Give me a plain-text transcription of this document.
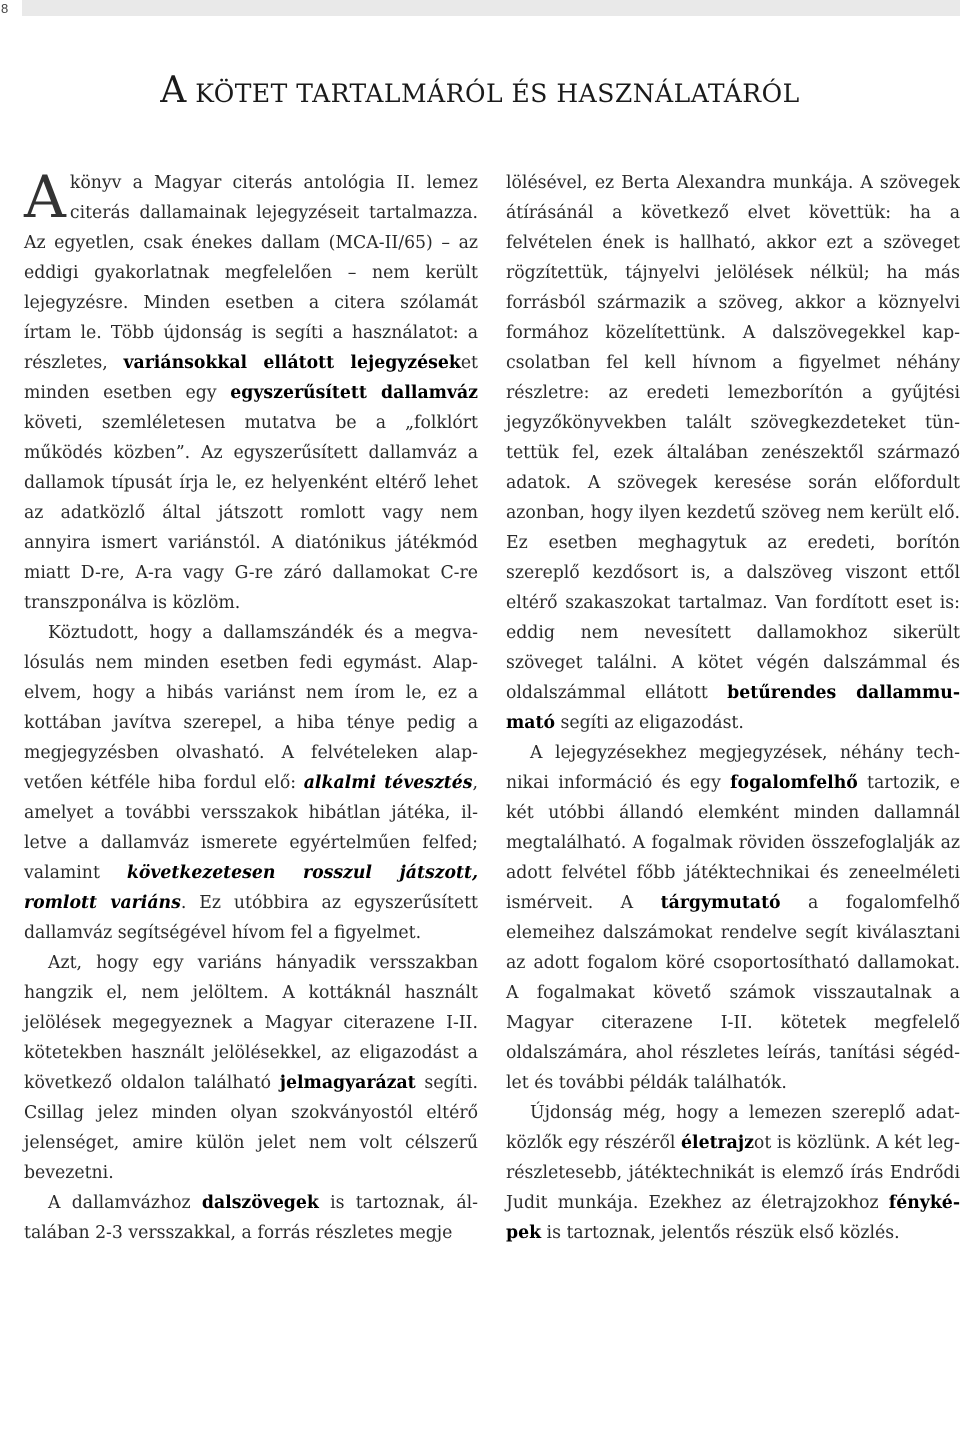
8
A KÖTET TARTALMÁRÓL ÉS HASZNÁLATÁRÓL

Akönyv a Magyar citerás antológia II. lemez citerás dallamainak lejegyzéseit tartalmazza. Az egyetlen, csak énekes dallam (MCA-II/65) – az eddigi gyakorlatnak megfelelően – nem került lejegyzésre. Minden esetben a citera szólamát írtam le. Több újdonság is segíti a használatot: a részletes, variánsokkal ellátott lejegyzéseket minden esetben egy egyszerűsített dallamváz követi, szemléletesen mutatva be a „folklórt működés közben”. Az egyszerűsített dallamváz a dallamok típusát írja le, ez helyenként eltérő lehet az adatközlő által játszott romlott vagy nem annyira ismert variánstól. A diatónikus játékmód miatt D-re, A-ra vagy G-re záró dallamokat C-re transzponálva is közlöm.

Köztudott, hogy a dallamszándék és a megvalósulás nem minden esetben fedi egymást. Alapelvem, hogy a hibás variánst nem írom le, ez a kottában javítva szerepel, a hiba ténye pedig a megjegyzésben olvasható. A felvételeken alapvetően kétféle hiba fordul elő: alkalmi tévesztés, amelyet a további versszakok hibátlan játéka, illetve a dallamváz ismerete egyértelműen felfed; valamint következetesen rosszul játszott, romlott variáns. Ez utóbbira az egyszerűsített dallamváz segítségével hívom fel a figyelmet.

Azt, hogy egy variáns hányadik versszakban hangzik el, nem jelöltem. A kottáknál használt jelölések megegyeznek a Magyar citerazene I-II. kötetekben használt jelölésekkel, az eligazodást a következő oldalon található jelmagyarázat segíti. Csillag jelez minden olyan szokványostól eltérő jelenséget, amire külön jelet nem volt célszerű bevezetni.

A dallamvázhoz dalszövegek is tartoznak, általában 2-3 versszakkal, a forrás részletes megje

lölésével, ez Berta Alexandra munkája. A szövegek átírásánál a következő elvet követtük: ha a felvételen ének is hallható, akkor ezt a szöveget rögzítettük, tájnyelvi jelölések nélkül; ha más forrásból származik a szöveg, akkor a köznyelvi formához közelítettünk. A dalszövegekkel kapcsolatban fel kell hívnom a figyelmet néhány részletre: az eredeti lemezborítón a gyűjtési jegyzőkönyvekben talált szövegkezdeteket tüntettük fel, ezek általában zenészektől származó adatok. A szövegek keresése során előfordult azonban, hogy ilyen kezdetű szöveg nem került elő. Ez esetben meghagytuk az eredeti, borítón szereplő kezdősort is, a dalszöveg viszont ettől eltérő szakaszokat tartalmaz. Van fordított eset is: eddig nem nevesített dallamokhoz sikerült szöveget találni. A kötet végén dalszámmal és oldalszámmal ellátott betűrendes dallammumató segíti az eligazodást.

A lejegyzésekhez megjegyzések, néhány technikai információ és egy fogalomfelhő tartozik, e két utóbbi állandó elemként minden dallamnál megtalálható. A fogalmak röviden összefoglalják az adott felvétel főbb játéktechnikai és zeneelméleti ismérveit. A tárgymutató a fogalomfelhő elemeihez dalszámokat rendelve segít kiválasztani az adott fogalom köré csoportosítható dallamokat. A fogalmakat követő számok visszautalnak a Magyar citerazene I-II. kötetek megfelelő oldalszámára, ahol részletes leírás, tanítási ségédlet és további példák találhatók.

Újdonság még, hogy a lemezen szereplő adatközlők egy részéről életrajzot is közlünk. A két legrészletesebb, játéktechnikát is elemző írás Endrődi Judit munkája. Ezekhez az életrajzokhoz fényképek is tartoznak, jelentős részük első közlés.
